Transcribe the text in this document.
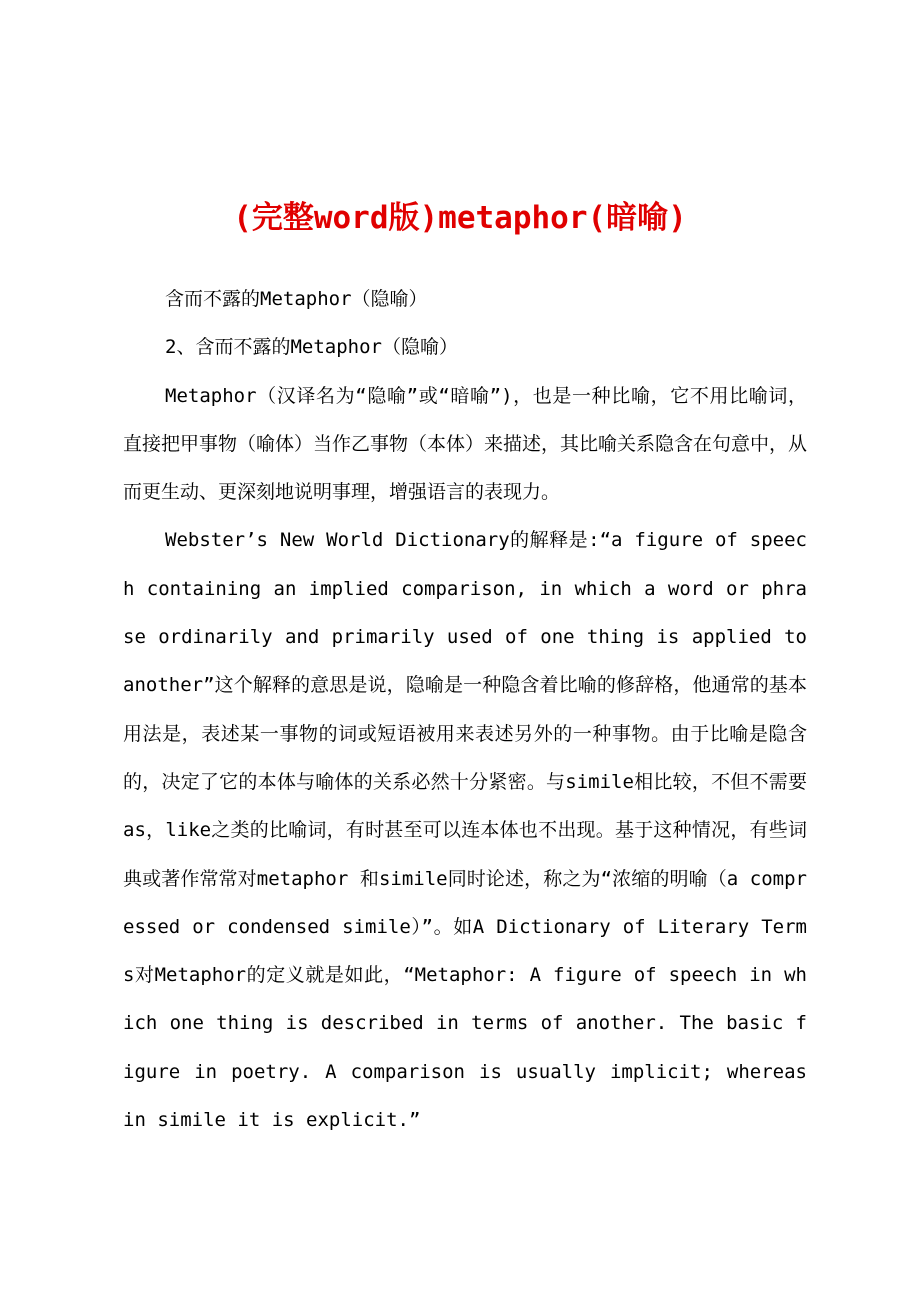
(完整word版)metaphor(暗喻)

含而不露的Metaphor（隐喻）

2、含而不露的Metaphor（隐喻）

Metaphor（汉译名为“隐喻”或“暗喻”)，也是一种比喻，它不用比喻词，直接把甲事物（喻体）当作乙事物（本体）来描述，其比喻关系隐含在句意中，从而更生动、更深刻地说明事理，增强语言的表现力。

Webster’s New World Dictionary的解释是:“a figure of speech containing an implied comparison, in which a word or phrase ordinarily and primarily used of one thing is applied to another”这个解释的意思是说，隐喻是一种隐含着比喻的修辞格，他通常的基本用法是，表述某一事物的词或短语被用来表述另外的一种事物。由于比喻是隐含的，决定了它的本体与喻体的关系必然十分紧密。与simile相比较，不但不需要as，like之类的比喻词，有时甚至可以连本体也不出现。基于这种情况，有些词典或著作常常对metaphor 和simile同时论述，称之为“浓缩的明喻（a compressed or condensed simile）”。如A Dictionary of Literary Terms对Metaphor的定义就是如此，“Metaphor: A figure of speech in which one thing is described in terms of another. The basic figure in poetry. A comparison is usually implicit; whereas in simile it is explicit.”
